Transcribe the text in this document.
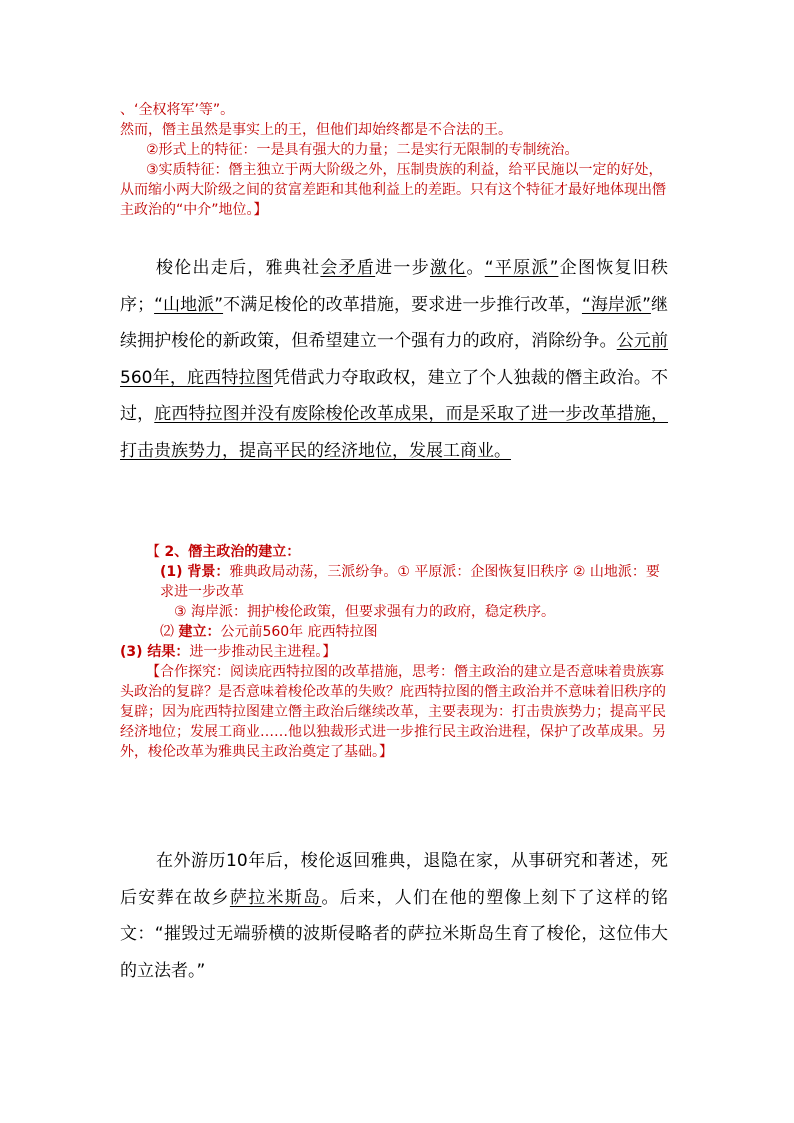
、‘全权将军’等”。

然而，僭主虽然是事实上的王，但他们却始终都是不合法的王。

②形式上的特征：一是具有强大的力量；二是实行无限制的专制统治。

③实质特征：僭主独立于两大阶级之外，压制贵族的利益，给平民施以一定的好处，从而缩小两大阶级之间的贫富差距和其他利益上的差距。只有这个特征才最好地体现出僭主政治的“中介”地位。】

梭伦出走后，雅典社会矛盾进一步激化。“平原派”企图恢复旧秩序；“山地派”不满足梭伦的改革措施，要求进一步推行改革，“海岸派”继续拥护梭伦的新政策，但希望建立一个强有力的政府，消除纷争。公元前560年，庇西特拉图凭借武力夺取政权，建立了个人独裁的僭主政治。不过，庇西特拉图并没有废除梭伦改革成果，而是采取了进一步改革措施，打击贵族势力，提高平民的经济地位，发展工商业。

【 2、僭主政治的建立：

(1) 背景：雅典政局动荡，三派纷争。① 平原派：企图恢复旧秩序 ② 山地派：要求进一步改革

③ 海岸派：拥护梭伦政策，但要求强有力的政府，稳定秩序。

⑵ 建立：公元前560年 庇西特拉图

(3) 结果：进一步推动民主进程。】

【合作探究：阅读庇西特拉图的改革措施，思考：僭主政治的建立是否意味着贵族寡头政治的复辟？是否意味着梭伦改革的失败？庇西特拉图的僭主政治并不意味着旧秩序的复辟；因为庇西特拉图建立僭主政治后继续改革，主要表现为：打击贵族势力；提高平民经济地位；发展工商业……他以独裁形式进一步推行民主政治进程，保护了改革成果。另外，梭伦改革为雅典民主政治奠定了基础。】

在外游历10年后，梭伦返回雅典，退隐在家，从事研究和著述，死后安葬在故乡萨拉米斯岛。后来，人们在他的塑像上刻下了这样的铭文：“摧毁过无端骄横的波斯侵略者的萨拉米斯岛生育了梭伦，这位伟大的立法者。”
